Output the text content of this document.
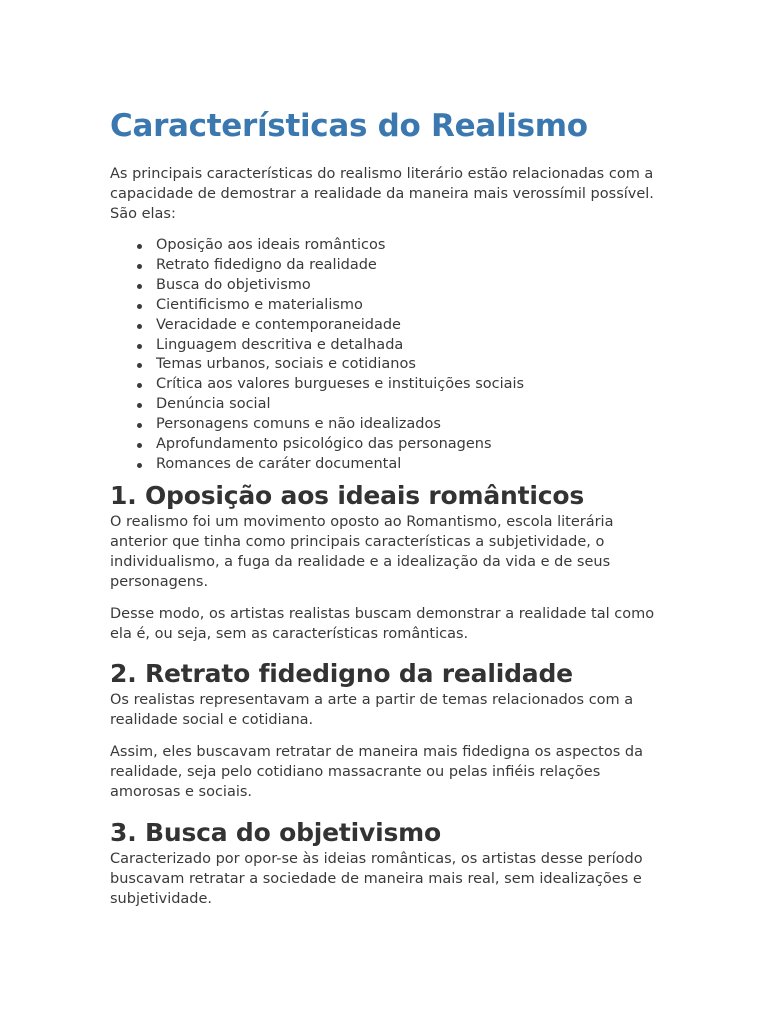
Características do Realismo

As principais características do realismo literário estão relacionadas com a capacidade de demostrar a realidade da maneira mais verossímil possível. São elas:

Oposição aos ideais românticos
Retrato fidedigno da realidade
Busca do objetivismo
Cientificismo e materialismo
Veracidade e contemporaneidade
Linguagem descritiva e detalhada
Temas urbanos, sociais e cotidianos
Crítica aos valores burgueses e instituições sociais
Denúncia social
Personagens comuns e não idealizados
Aprofundamento psicológico das personagens
Romances de caráter documental
1. Oposição aos ideais românticos

O realismo foi um movimento oposto ao Romantismo, escola literária anterior que tinha como principais características a subjetividade, o individualismo, a fuga da realidade e a idealização da vida e de seus personagens.

Desse modo, os artistas realistas buscam demonstrar a realidade tal como ela é, ou seja, sem as características românticas.

2. Retrato fidedigno da realidade

Os realistas representavam a arte a partir de temas relacionados com a realidade social e cotidiana.

Assim, eles buscavam retratar de maneira mais fidedigna os aspectos da realidade, seja pelo cotidiano massacrante ou pelas infiéis relações amorosas e sociais.

3. Busca do objetivismo

Caracterizado por opor-se às ideias românticas, os artistas desse período buscavam retratar a sociedade de maneira mais real, sem idealizações e subjetividade.
